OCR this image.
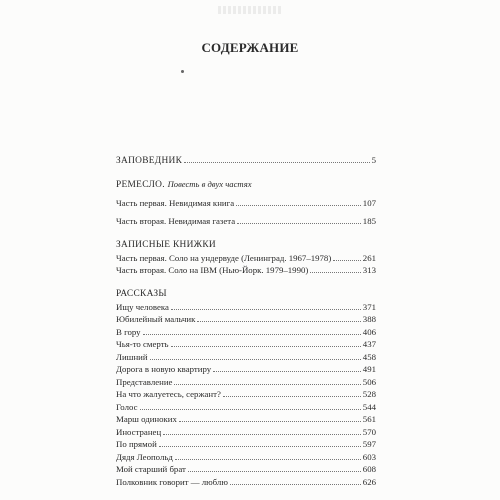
СОДЕРЖАНИЕ
ЗАПОВЕДНИК	5
РЕМЕСЛО. Повесть в двух частях
Часть первая. Невидимая книга	107
Часть вторая. Невидимая газета	185
ЗАПИСНЫЕ КНИЖКИ
Часть первая. Соло на ундервуде (Ленинград. 1967–1978)	261
Часть вторая. Соло на IBM (Нью-Йорк. 1979–1990)	313
РАССКАЗЫ
Ищу человека	371
Юбилейный мальчик	388
В гору	406
Чья-то смерть	437
Лишний	458
Дорога в новую квартиру	491
Представление	506
На что жалуетесь, сержант?	528
Голос	544
Марш одиноких	561
Иностранец	570
По прямой	597
Дядя Леопольд	603
Мой старший брат	608
Полковник говорит — люблю	626
